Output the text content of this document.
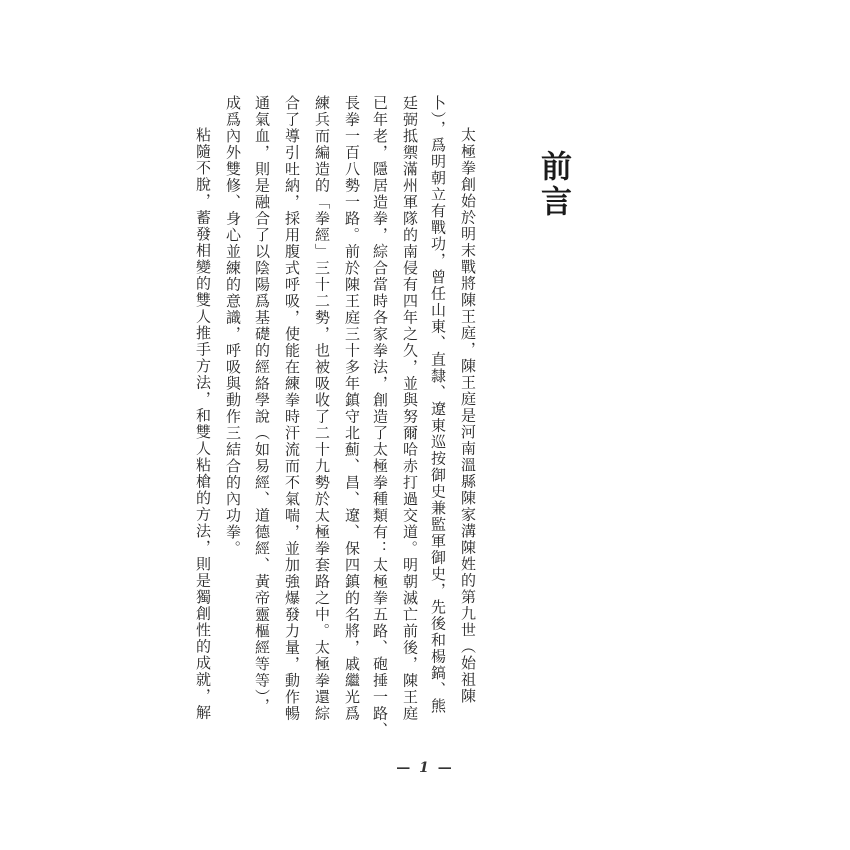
前言
太極拳創始於明末戰將陳王庭，陳王庭是河南溫縣陳家溝陳姓的第九世（始祖陳
卜），爲明朝立有戰功，曾任山東、直隸、遼東巡按御史兼監軍御史，先後和楊鎬、熊
廷弼抵禦滿州軍隊的南侵有四年之久，並與努爾哈赤打過交道。明朝滅亡前後，陳王庭
已年老，隱居造拳，綜合當時各家拳法，創造了太極拳種類有：太極拳五路、砲捶一路、
長拳一百八勢一路。前於陳王庭三十多年鎮守北薊、昌、遼、保四鎮的名將，戚繼光爲
練兵而編造的「拳經」三十二勢，也被吸收了二十九勢於太極拳套路之中。太極拳還綜
合了導引吐納，採用腹式呼吸，使能在練拳時汗流而不氣喘，並加強爆發力量，動作暢
通氣血，則是融合了以陰陽爲基礎的經絡學說（如易經、道德經、黃帝靈樞經等等），
成爲內外雙修、身心並練的意識，呼吸與動作三結合的內功拳。
粘隨不脫，蓄發相變的雙人推手方法，和雙人粘槍的方法，則是獨創性的成就，解
— 1 —
